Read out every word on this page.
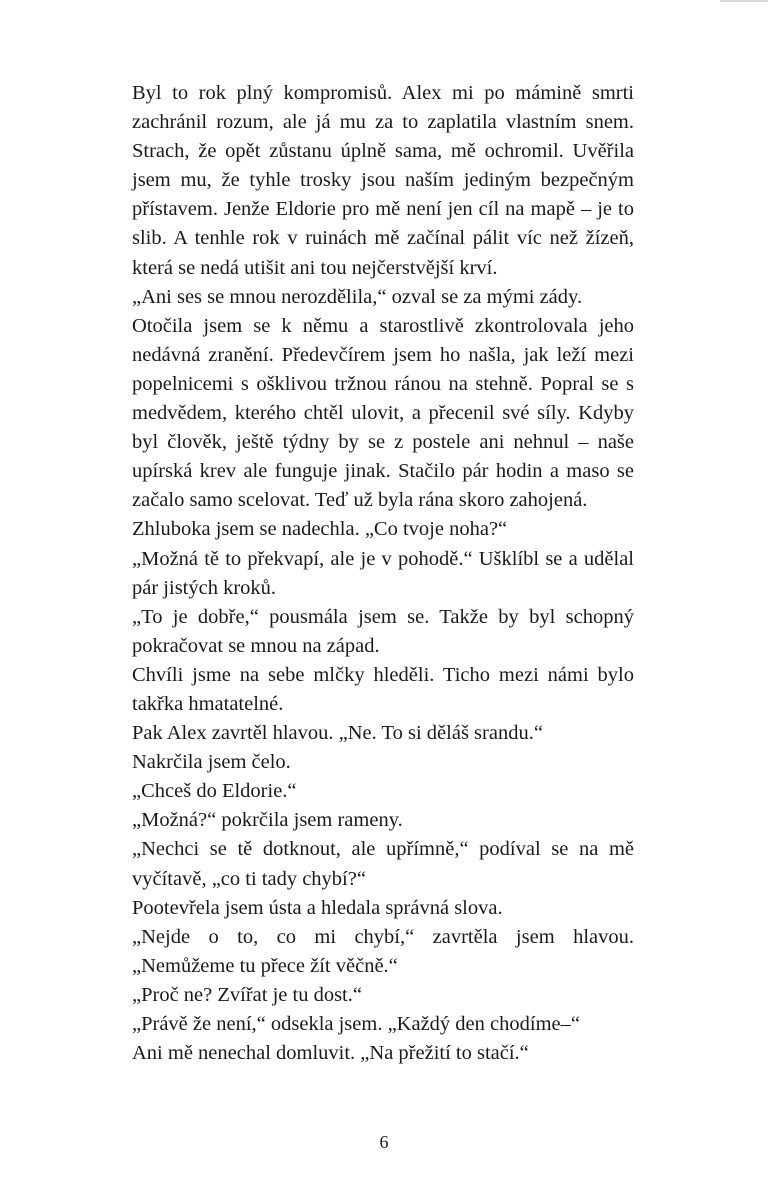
Byl to rok plný kompromisů. Alex mi po mámině smrti zachránil rozum, ale já mu za to zaplatila vlastním snem. Strach, že opět zůstanu úplně sama, mě ochromil. Uvěřila jsem mu, že tyhle trosky jsou naším jediným bezpečným přístavem. Jenže Eldorie pro mě není jen cíl na mapě – je to slib. A tenhle rok v ruinách mě začínal pálit víc než žízeň, která se nedá utišit ani tou nejčerstvější krví.

„Ani ses se mnou nerozdělila,“ ozval se za mými zády.

Otočila jsem se k němu a starostlivě zkontrolovala jeho nedávná zranění. Předevčírem jsem ho našla, jak leží mezi popelnicemi s ošklivou tržnou ránou na stehně. Popral se s medvědem, kterého chtěl ulovit, a přecenil své síly. Kdyby byl člověk, ještě týdny by se z postele ani nehnul – naše upírská krev ale funguje jinak. Stačilo pár hodin a maso se začalo samo scelovat. Teď už byla rána skoro zahojená.

Zhluboka jsem se nadechla. „Co tvoje noha?“

„Možná tě to překvapí, ale je v pohodě.“ Ušklíbl se a udělal pár jistých kroků.

„To je dobře,“ pousmála jsem se. Takže by byl schopný pokračovat se mnou na západ.

Chvíli jsme na sebe mlčky hleděli. Ticho mezi námi bylo takřka hmatatelné.

Pak Alex zavrtěl hlavou. „Ne. To si děláš srandu.“

Nakrčila jsem čelo.

„Chceš do Eldorie.“

„Možná?“ pokrčila jsem rameny.

„Nechci se tě dotknout, ale upřímně,“ podíval se na mě vyčítavě, „co ti tady chybí?“

Pootevřela jsem ústa a hledala správná slova.

„Nejde o to, co mi chybí,“ zavrtěla jsem hlavou. „Nemůžeme tu přece žít věčně.“

„Proč ne? Zvířat je tu dost.“

„Právě že není,“ odsekla jsem. „Každý den chodíme–“

Ani mě nenechal domluvit. „Na přežití to stačí.“

6
